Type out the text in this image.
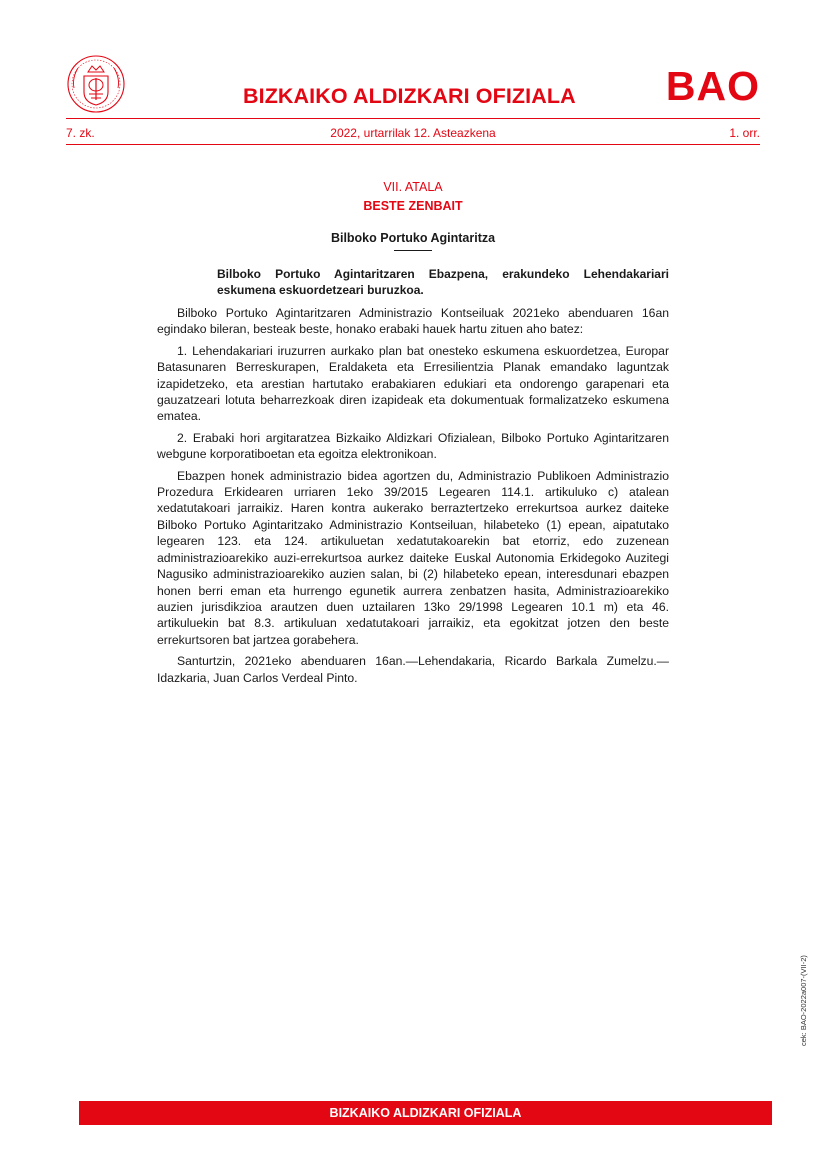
BIZKAIKO ALDIZKARI OFIZIALA BAO
7. zk.	2022, urtarrilak 12. Asteazkena	1. orr.
VII. ATALA
BESTE ZENBAIT
Bilboko Portuko Agintaritza
Bilboko Portuko Agintaritzaren Ebazpena, erakundeko Lehendakariari eskumena eskuordetzeari buruzkoa.

Bilboko Portuko Agintaritzaren Administrazio Kontseiluak 2021eko abenduaren 16an egindako bileran, besteak beste, honako erabaki hauek hartu zituen aho batez:

1. Lehendakariari iruzurren aurkako plan bat onesteko eskumena eskuordetzea, Europar Batasunaren Berreskurapen, Eraldaketa eta Erresilientzia Planak emandako laguntzak izapidetzeko, eta arestian hartutako erabakiaren edukiari eta ondorengo garapenari eta gauzatzeari lotuta beharrezkoak diren izapideak eta dokumentuak formalizatzeko eskumena ematea.

2. Erabaki hori argitaratzea Bizkaiko Aldizkari Ofizialean, Bilboko Portuko Agintaritzaren webgune korporatiboetan eta egoitza elektronikoan.

Ebazpen honek administrazio bidea agortzen du, Administrazio Publikoen Administrazio Prozedura Erkidearen urriaren 1eko 39/2015 Legearen 114.1. artikuluko c) atalean xedatutakoari jarraikiz. Haren kontra aukerako berraztertzeko errekurtsoa aurkez daiteke Bilboko Portuko Agintaritzako Administrazio Kontseiluan, hilabeteko (1) epean, aipatutako legearen 123. eta 124. artikuluetan xedatutakoarekin bat etorriz, edo zuzenean administrazioarekiko auzi-errekurtsoa aurkez daiteke Euskal Autonomia Erkidegoko Auzitegi Nagusiko administrazioarekiko auzien salan, bi (2) hilabeteko epean, interesdunari ebazpen honen berri eman eta hurrengo egunetik aurrera zenbatzen hasita, Administrazioarekiko auzien jurisdikzioa arautzen duen uztailaren 13ko 29/1998 Legearen 10.1 m) eta 46. artikuluekin bat 8.3. artikuluan xedatutakoari jarraikiz, eta egokitzat jotzen den beste errekurtsoren bat jartzea gorabehera.

Santurtzin, 2021eko abenduaren 16an.—Lehendakaria, Ricardo Barkala Zumelzu.—Idazkaria, Juan Carlos Verdeal Pinto.

cek: BAO-2022a007-(VII-2)
BIZKAIKO ALDIZKARI OFIZIALA
